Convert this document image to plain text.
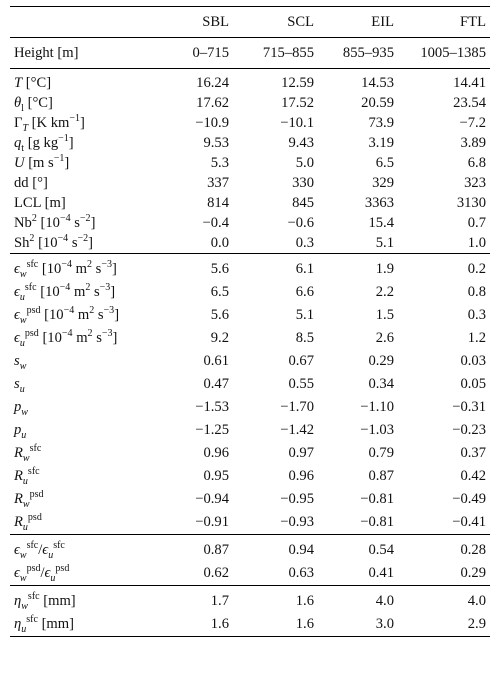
	SBL	SCL	EIL	FTL
Height [m]	0–715	715–855	855–935	1005–1385
T [°C]	16.24	12.59	14.53	14.41
$\theta_l$ [°C]	17.62	17.52	20.59	23.54
$\Gamma_T$ [K $km^{-1}$]	−10.9	−10.1	73.9	−7.2
$q_t$ [g $kg^{-1}$]	9.53	9.43	3.19	3.89
U [m $s^{-1}$]	5.3	5.0	6.5	6.8
dd [°]	337	330	329	323
LCL [m]	814	845	3363	3130
Nb$^2$ [$10^{-4}$ $s^{-2}$]	−0.4	−0.6	15.4	0.7
Sh$^2$ [$10^{-4}$ $s^{-2}$]	0.0	0.3	5.1	1.0
$\epsilon_w^{sfc}$ [$10^{-4}$ $m^2$ $s^{-3}$]	5.6	6.1	1.9	0.2
$\epsilon_u^{sfc}$ [$10^{-4}$ $m^2$ $s^{-3}$]	6.5	6.6	2.2	0.8
$\epsilon_w^{psd}$ [$10^{-4}$ $m^2$ $s^{-3}$]	5.6	5.1	1.5	0.3
$\epsilon_u^{psd}$ [$10^{-4}$ $m^2$ $s^{-3}$]	9.2	8.5	2.6	1.2
$s_w$	0.61	0.67	0.29	0.03
$s_u$	0.47	0.55	0.34	0.05
$p_w$	−1.53	−1.70	−1.10	−0.31
$p_u$	−1.25	−1.42	−1.03	−0.23
$R_w^{sfc}$	0.96	0.97	0.79	0.37
$R_u^{sfc}$	0.95	0.96	0.87	0.42
$R_w^{psd}$	−0.94	−0.95	−0.81	−0.49
$R_u^{psd}$	−0.91	−0.93	−0.81	−0.41
$\epsilon_w^{sfc}/\epsilon_u^{sfc}$	0.87	0.94	0.54	0.28
$\epsilon_w^{psd}/\epsilon_u^{psd}$	0.62	0.63	0.41	0.29
$\eta_w^{sfc}$ [mm]	1.7	1.6	4.0	4.0
$\eta_u^{sfc}$ [mm]	1.6	1.6	3.0	2.9
